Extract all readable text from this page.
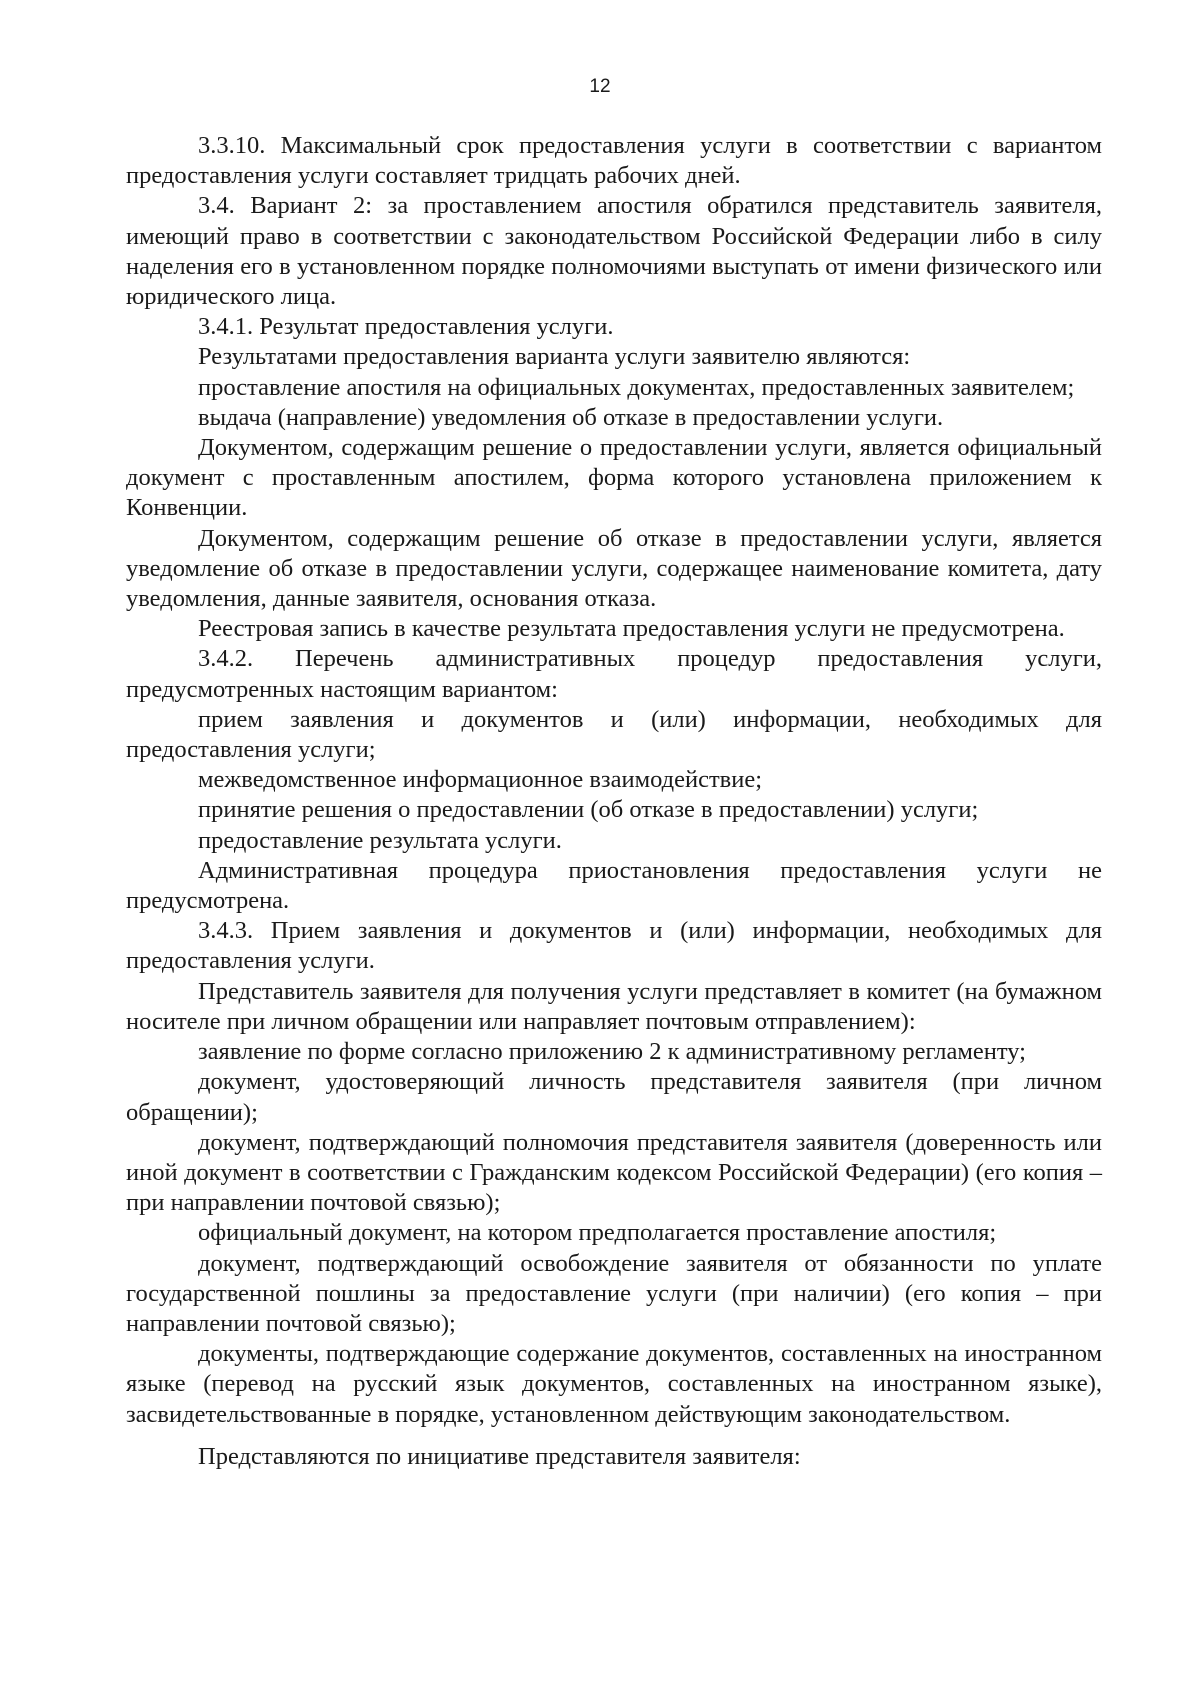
12

3.3.10. Максимальный срок предоставления услуги в соответствии с вариантом предоставления услуги составляет тридцать рабочих дней.

3.4. Вариант 2: за проставлением апостиля обратился представитель заявителя, имеющий право в соответствии с законодательством Российской Федерации либо в силу наделения его в установленном порядке полномочиями выступать от имени физического или юридического лица.

3.4.1. Результат предоставления услуги.

Результатами предоставления варианта услуги заявителю являются:

проставление апостиля на официальных документах, предоставленных заявителем;

выдача (направление) уведомления об отказе в предоставлении услуги.

Документом, содержащим решение о предоставлении услуги, является официальный документ с проставленным апостилем, форма которого установлена приложением к Конвенции.

Документом, содержащим решение об отказе в предоставлении услуги, является уведомление об отказе в предоставлении услуги, содержащее наименование комитета, дату уведомления, данные заявителя, основания отказа.

Реестровая запись в качестве результата предоставления услуги не предусмотрена.

3.4.2. Перечень административных процедур предоставления услуги, предусмотренных настоящим вариантом:

прием заявления и документов и (или) информации, необходимых для предоставления услуги;

межведомственное информационное взаимодействие;

принятие решения о предоставлении (об отказе в предоставлении) услуги;

предоставление результата услуги.

Административная процедура приостановления предоставления услуги не предусмотрена.

3.4.3. Прием заявления и документов и (или) информации, необходимых для предоставления услуги.

Представитель заявителя для получения услуги представляет в комитет (на бумажном носителе при личном обращении или направляет почтовым отправлением):

заявление по форме согласно приложению 2 к административному регламенту;

документ, удостоверяющий личность представителя заявителя (при личном обращении);

документ, подтверждающий полномочия представителя заявителя (доверенность или иной документ в соответствии с Гражданским кодексом Российской Федерации) (его копия – при направлении почтовой связью);

официальный документ, на котором предполагается проставление апостиля;

документ, подтверждающий освобождение заявителя от обязанности по уплате государственной пошлины за предоставление услуги (при наличии) (его копия – при направлении почтовой связью);

документы, подтверждающие содержание документов, составленных на иностранном языке (перевод на русский язык документов, составленных на иностранном языке), засвидетельствованные в порядке, установленном действующим законодательством.

Представляются по инициативе представителя заявителя:
